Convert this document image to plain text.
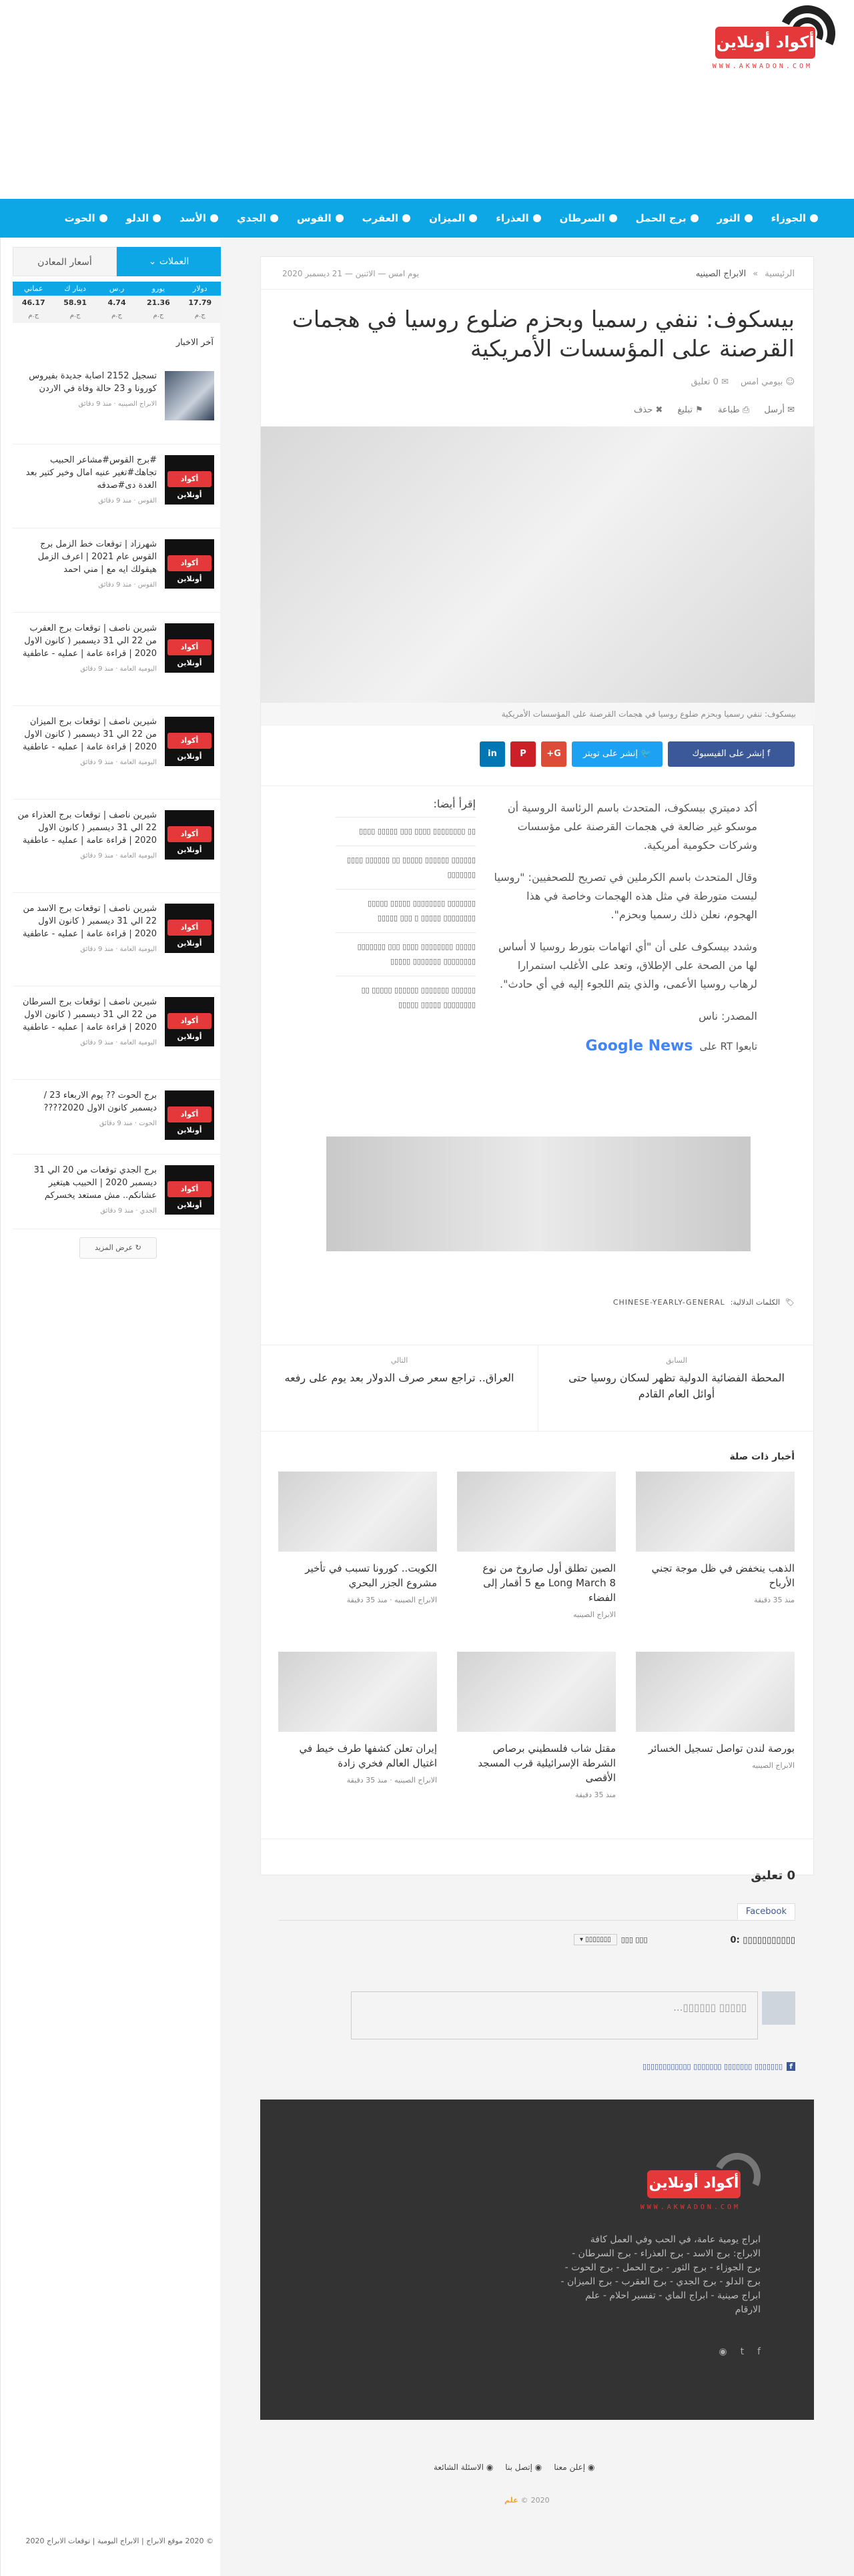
أكواد أونلاين
WWW.AKWADON.COM
الجوزاء
الثور
برج الحمل
السرطان
العذراء
الميزان
العقرب
القوس
الجدي
الأسد
الدلو
الحوت
الرئيسية
»
الابراج الصينيه
يوم امس — الاثنين — 21 ديسمبر 2020
بيسكوف: ننفي رسميا وبحزم ضلوع روسيا في هجمات القرصنة على المؤسسات الأمريكية
☺ بيومي امس
✉ 0 تعليق
✉ أرسل
⎙ طباعة
⚑ تبليغ
✖ حذف
بيسكوف: ننفي رسميا وبحزم ضلوع روسيا في هجمات القرصنة على المؤسسات الأمريكية
f إنشر على الفيسبوك
🐦 إنشر على تويتر
G+
P
in

أكد دميتري بيسكوف، المتحدث باسم الرئاسة الروسية أن موسكو غير ضالعة في هجمات القرصنة على مؤسسات وشركات حكومية أمريكية.

وقال المتحدث باسم الكرملين في تصريح للصحفيين: "روسيا ليست متورطة في مثل هذه الهجمات وخاصة في هذا الهجوم، نعلن ذلك رسميا وبحزم".

وشدد بيسكوف على أن "أي اتهامات بتورط روسيا لا أساس لها من الصحة على الإطلاق، وتعد على الأغلب استمرارا لرهاب روسيا الأعمى، والذي يتم اللجوء إليه في أي حادث".

المصدر: ناس

تابعوا RT على
Google News
إقرأ أيضا:
▯▯ ▯▯▯▯▯▯▯▯ ▯▯▯▯ ▯▯▯ ▯▯▯▯▯ ▯▯▯▯
▯▯▯▯▯▯ ▯▯▯▯▯▯ ▯▯▯▯▯ ▯▯ ▯▯▯▯▯▯ ▯▯▯▯ ▯▯▯▯▯▯▯
▯▯▯▯▯▯▯ ▯▯▯▯▯▯▯▯ ▯▯▯▯▯ ▯▯▯▯▯ ▯▯▯▯▯▯▯▯ ▯▯▯▯▯ ▯ ▯▯▯ ▯▯▯▯▯
▯▯▯▯▯ ▯▯▯▯▯▯▯▯ ▯▯▯▯ ▯▯▯ ▯▯▯▯▯▯▯ ▯▯▯▯▯▯▯▯ ▯▯▯▯▯▯▯ ▯▯▯▯▯
▯▯▯▯▯▯ ▯▯▯▯▯▯▯ ▯▯▯▯▯▯ ▯▯▯▯▯ ▯▯ ▯▯▯▯▯▯▯▯ ▯▯▯▯▯ ▯▯▯▯▯
🏷
الكلمات الدلالية:
CHINESE-YEARLY-GENERAL
السابق
المحطة الفضائية الدولية تظهر لسكان روسيا حتى أوائل العام القادم
التالي
العراق.. تراجع سعر صرف الدولار بعد يوم على رفعه
أخبار ذات صلة
الذهب ينخفض في ظل موجة تجني الأرباح
منذ 35 دقيقة
الصين تطلق أول صاروخ من نوع Long March 8 مع 5 أقمار إلى الفضاء
الابراج الصينيه
الكويت.. كورونا تسبب في تأخير مشروع الجزر البحري
الابراج الصينيه · منذ 35 دقيقة
بورصة لندن تواصل تسجيل الخسائر
الابراج الصينيه
مقتل شاب فلسطيني برصاص الشرطة الإسرائيلية قرب المسجد الأقصى
منذ 35 دقيقة
إيران تعلن كشفها طرف خيط في اغتيال العالم فخري زادة
الابراج الصينيه · منذ 35 دقيقة
0 تعليق
Facebook
▯▯▯▯▯▯▯▯▯▯▯ :0
▯▯▯ ▯▯▯
▯▯▯▯▯▯▯ ▾
▯▯▯▯▯ ▯▯▯▯▯▯...
f
▯▯▯▯▯▯▯ ▯▯▯▯▯▯▯ ▯▯▯▯▯▯▯ ▯▯▯▯▯▯▯▯▯▯▯▯
أكواد أونلاين
WWW.AKWADON.COM
ابراج يومية عامة، في الحب وفي العمل كافة الابراج: برج الاسد - برج العذراء - برج السرطان - برج الجوزاء - برج الثور - برج الحمل - برج الحوت - برج الدلو - برج الجدي - برج العقرب - برج الميزان - ابراج صينية - ابراج الماي - تفسير احلام - علم الارقام
f
t
◉
◉ إعلن معنا
◉ إتصل بنا
◉ الاسئلة الشائعة
2020
©
علم
العملات ⌄
أسعار المعادن
دولار
17.79
ج.م
يورو
21.36
ج.م
ر.س
4.74
ج.م
دينار ك
58.91
ج.م
عماني
46.17
ج.م
آخر الاخبار
تسجيل 2152 اصابة جديدة بفيروس كورونا و 23 حالة وفاة في الاردن
الابراج الصينيه · منذ 9 دقائق
أكواد أونلاين
#برج القوس#مشاعر الحبيب تجاهك#تغير عنيه امال وخير كتير بعد الغدة دى#صدقه
القوس · منذ 9 دقائق
أكواد أونلاين
شهرزاد | توقعات خط الزمل برج القوس عام 2021 | اعرف الزمل هيقولك ايه مع | مني احمد
القوس · منذ 9 دقائق
أكواد أونلاين
شيرين ناصف | توقعات برج العقرب من 22 الي 31 ديسمبر ( كانون الاول 2020 | قراءة عامة | عمليه - عاطفية
اليومية العامة · منذ 9 دقائق
أكواد أونلاين
شيرين ناصف | توقعات برج الميزان من 22 الي 31 ديسمبر ( كانون الاول 2020 | قراءة عامة | عمليه - عاطفية
اليومية العامة · منذ 9 دقائق
أكواد أونلاين
شيرين ناصف | توقعات برج العذراء من 22 الي 31 ديسمبر ( كانون الاول 2020 | قراءة عامة | عمليه - عاطفية
اليومية العامة · منذ 9 دقائق
أكواد أونلاين
شيرين ناصف | توقعات برج الاسد من 22 الي 31 ديسمبر ( كانون الاول 2020 | قراءة عامة | عمليه - عاطفية
اليومية العامة · منذ 9 دقائق
أكواد أونلاين
شيرين ناصف | توقعات برج السرطان من 22 الي 31 ديسمبر ( كانون الاول 2020 | قراءة عامة | عمليه - عاطفية
اليومية العامة · منذ 9 دقائق
أكواد أونلاين
برج الحوت ?? يوم الاربعاء 23 / ديسمبر كانون الاول 2020????
الحوت · منذ 9 دقائق
أكواد أونلاين
برج الجدي توقعات من 20 الي 31 ديسمبر 2020 | الحبيب هيتغير عشانكم.. مش مستعد يخسركم
الجدي · منذ 9 دقائق
↻ عرض المزيد
© 2020 موقع الابراج | الابراج اليومية | توقعات الابراج 2020
